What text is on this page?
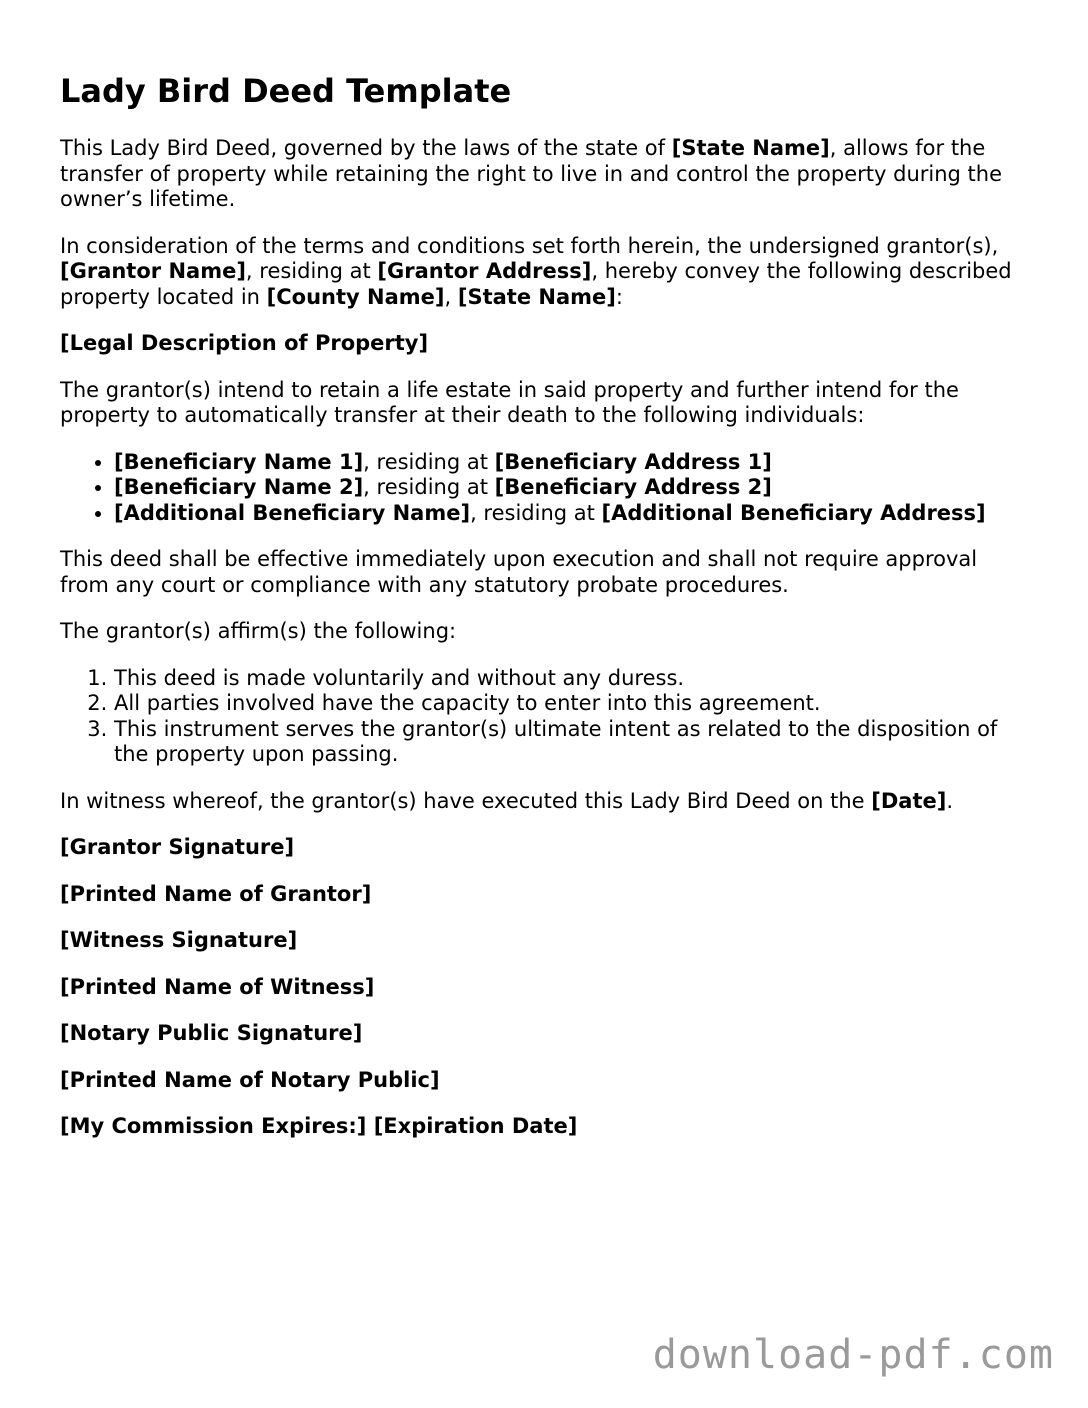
Lady Bird Deed Template

This Lady Bird Deed, governed by the laws of the state of [State Name], allows for the transfer of property while retaining the right to live in and control the property during the owner’s lifetime.

In consideration of the terms and conditions set forth herein, the undersigned grantor(s), [Grantor Name], residing at [Grantor Address], hereby convey the following described property located in [County Name], [State Name]:

[Legal Description of Property]

The grantor(s) intend to retain a life estate in said property and further intend for the property to automatically transfer at their death to the following individuals:

• [Beneficiary Name 1], residing at [Beneficiary Address 1]
• [Beneficiary Name 2], residing at [Beneficiary Address 2]
• [Additional Beneficiary Name], residing at [Additional Beneficiary Address]

This deed shall be effective immediately upon execution and shall not require approval from any court or compliance with any statutory probate procedures.

The grantor(s) affirm(s) the following:

1. This deed is made voluntarily and without any duress.
2. All parties involved have the capacity to enter into this agreement.
3. This instrument serves the grantor(s) ultimate intent as related to the disposition of the property upon passing.

In witness whereof, the grantor(s) have executed this Lady Bird Deed on the [Date].

[Grantor Signature]

[Printed Name of Grantor]

[Witness Signature]

[Printed Name of Witness]

[Notary Public Signature]

[Printed Name of Notary Public]

[My Commission Expires:] [Expiration Date]

download-pdf.com
